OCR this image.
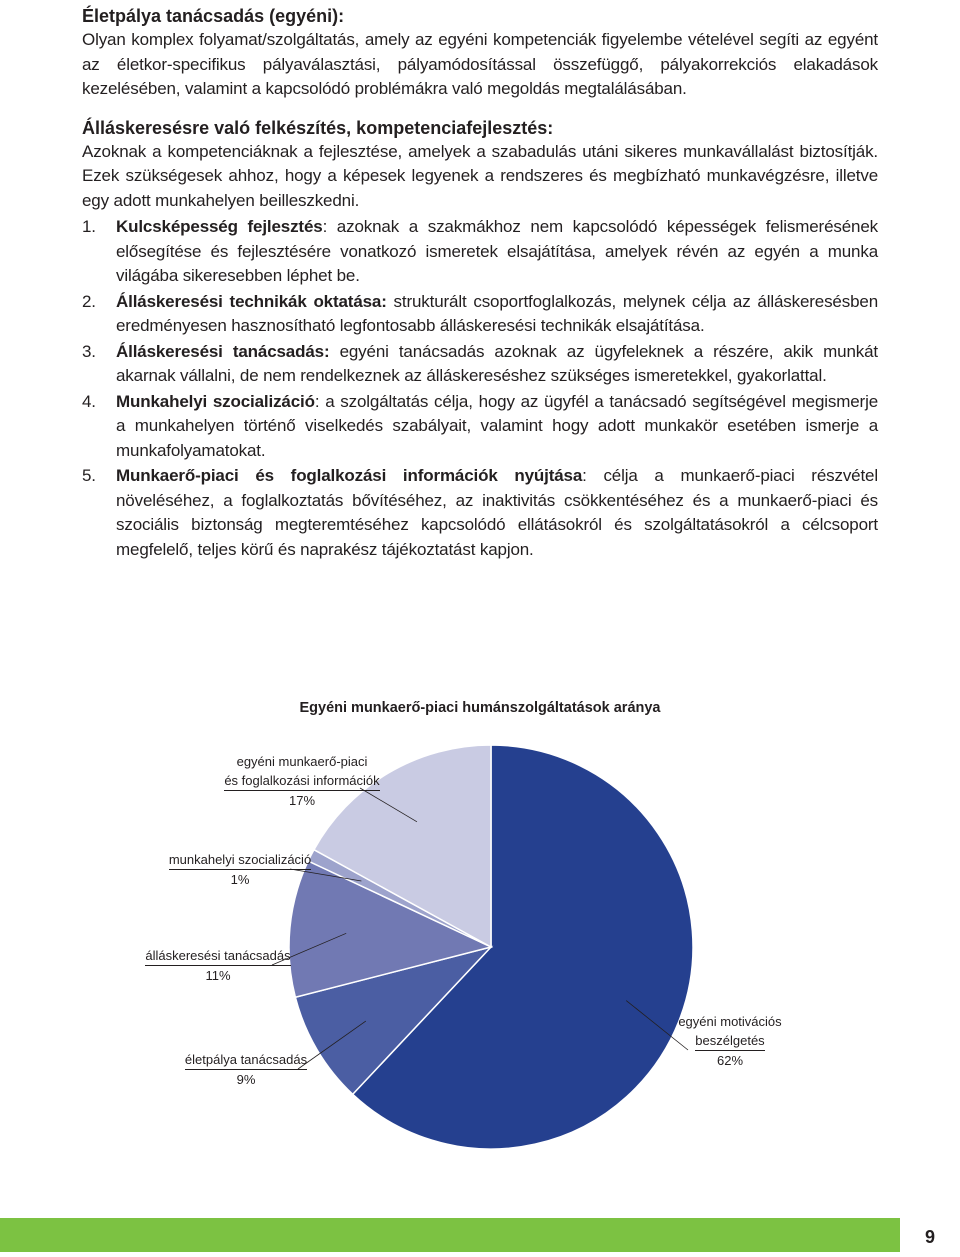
Életpálya tanácsadás (egyéni):

Olyan komplex folyamat/szolgáltatás, amely az egyéni kompetenciák figyelembe vételével segíti az egyént az életkor-specifikus pályaválasztási, pályamódosítással összefüggő, pályakorrekciós elakadások kezelésében, valamint a kapcsolódó problémákra való megoldás megtalálásában.

Álláskeresésre való felkészítés, kompetenciafejlesztés:

Azoknak a kompetenciáknak a fejlesztése, amelyek a szabadulás utáni sikeres munkavállalást biztosítják. Ezek szükségesek ahhoz, hogy a képesek legyenek a rendszeres és megbízható munkavégzésre, illetve egy adott munkahelyen beilleszkedni.

1. Kulcsképesség fejlesztés: azoknak a szakmákhoz nem kapcsolódó képességek felismerésének elősegítése és fejlesztésére vonatkozó ismeretek elsajátítása, amelyek révén az egyén a munka világába sikeresebben léphet be.
2. Álláskeresési technikák oktatása: strukturált csoportfoglalkozás, melynek célja az álláskeresésben eredményesen hasznosítható legfontosabb álláskeresési technikák elsajátítása.
3. Álláskeresési tanácsadás: egyéni tanácsadás azoknak az ügyfeleknek a részére, akik munkát akarnak vállalni, de nem rendelkeznek az álláskereséshez szükséges ismeretekkel, gyakorlattal.
4. Munkahelyi szocializáció: a szolgáltatás célja, hogy az ügyfél a tanácsadó segítségével megismerje a munkahelyen történő viselkedés szabályait, valamint hogy adott munkakör esetében ismerje a munkafolyamatokat.
5. Munkaerő-piaci és foglalkozási információk nyújtása: célja a munkaerő-piaci részvétel növeléséhez, a foglalkoztatás bővítéséhez, az inaktivitás csökkentéséhez és a munkaerő-piaci és szociális biztonság megteremtéséhez kapcsolódó ellátásokról és szolgáltatásokról a célcsoport megfelelő, teljes körű és naprakész tájékoztatást kapjon.
Egyéni munkaerő-piaci humánszolgáltatások aránya
egyéni munkaerő-piaci
és foglalkozási információk
17%
munkahelyi szocializáció
1%
álláskeresési tanácsadás
11%
életpálya tanácsadás
9%
egyéni motivációs
beszélgetés
62%
9
